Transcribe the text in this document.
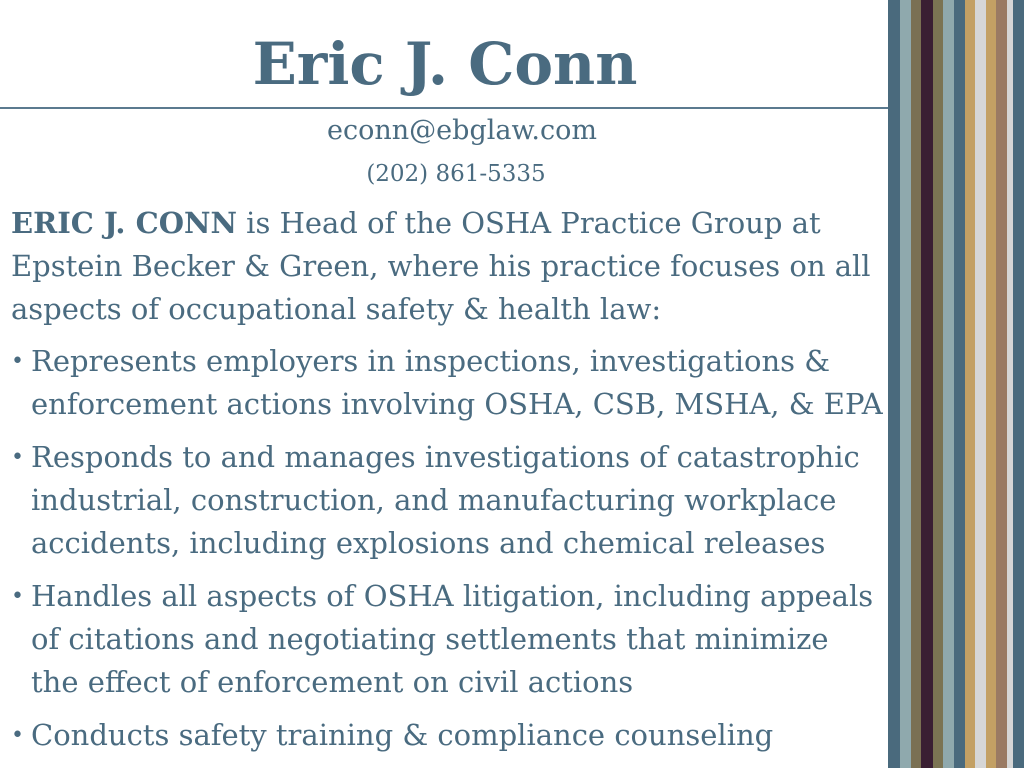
Eric J. Conn
econn@ebglaw.com
(202) 861-5335
ERIC J. CONN is Head of the OSHA Practice Group at Epstein Becker & Green, where his practice focuses on all aspects of occupational safety & health law:
• Represents employers in inspections, investigations & enforcement actions involving OSHA, CSB, MSHA, & EPA
• Responds to and manages investigations of catastrophic industrial, construction, and manufacturing workplace accidents, including explosions and chemical releases
• Handles all aspects of OSHA litigation, including appeals of citations and negotiating settlements that minimize the effect of enforcement on civil actions
• Conducts safety training & compliance counseling
